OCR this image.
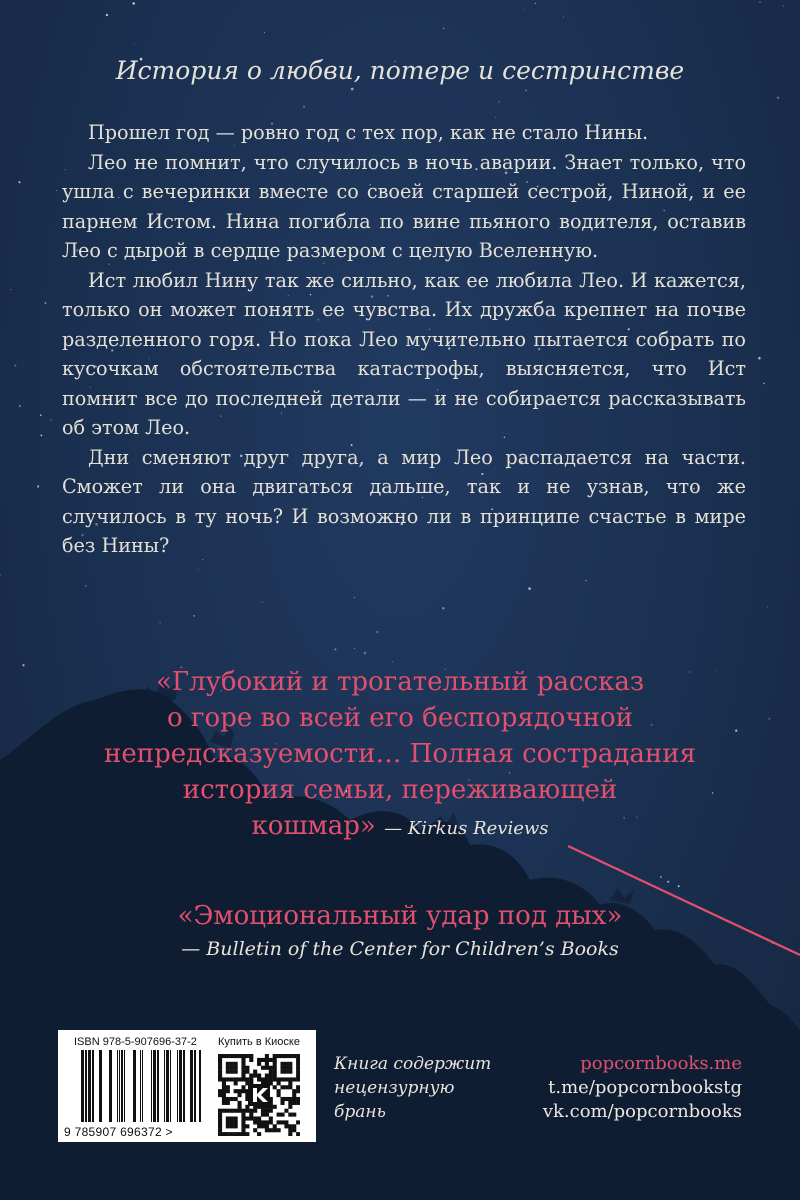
История о любви, потере и сестринстве

Прошел год — ровно год с тех пор, как не стало Нины.

Лео не помнит, что случилось в ночь аварии. Знает только, что ушла с вечеринки вместе со своей старшей сестрой, Ниной, и ее парнем Истом. Нина погибла по вине пьяного водителя, оставив Лео с дырой в сердце размером с целую Вселенную.

Ист любил Нину так же сильно, как ее любила Лео. И кажется, только он может понять ее чувства. Их дружба крепнет на почве разделенного горя. Но пока Лео мучительно пытается собрать по кусочкам обстоятельства катастрофы, выясняется, что Ист помнит все до последней детали — и не собирается рассказывать об этом Лео.

Дни сменяют друг друга, а мир Лео распадается на части. Сможет ли она двигаться дальше, так и не узнав, что же случилось в ту ночь? И возможно ли в принципе счастье в мире без Нины?

«Глубокий и трогательный рассказ
о горе во всей его беспорядочной
непредсказуемости… Полная сострадания
история семьи, переживающей
кошмар» — Kirkus Reviews

«Эмоциональный удар под дых»
— Bulletin of the Center for Children’s Books

ISBN 978-5-907696-37-2 Купить в Киоске
9 785907 696372 >

Книга содержит
нецензурную
брань

popcornbooks.me
t.me/popcornbookstg
vk.com/popcornbooks
